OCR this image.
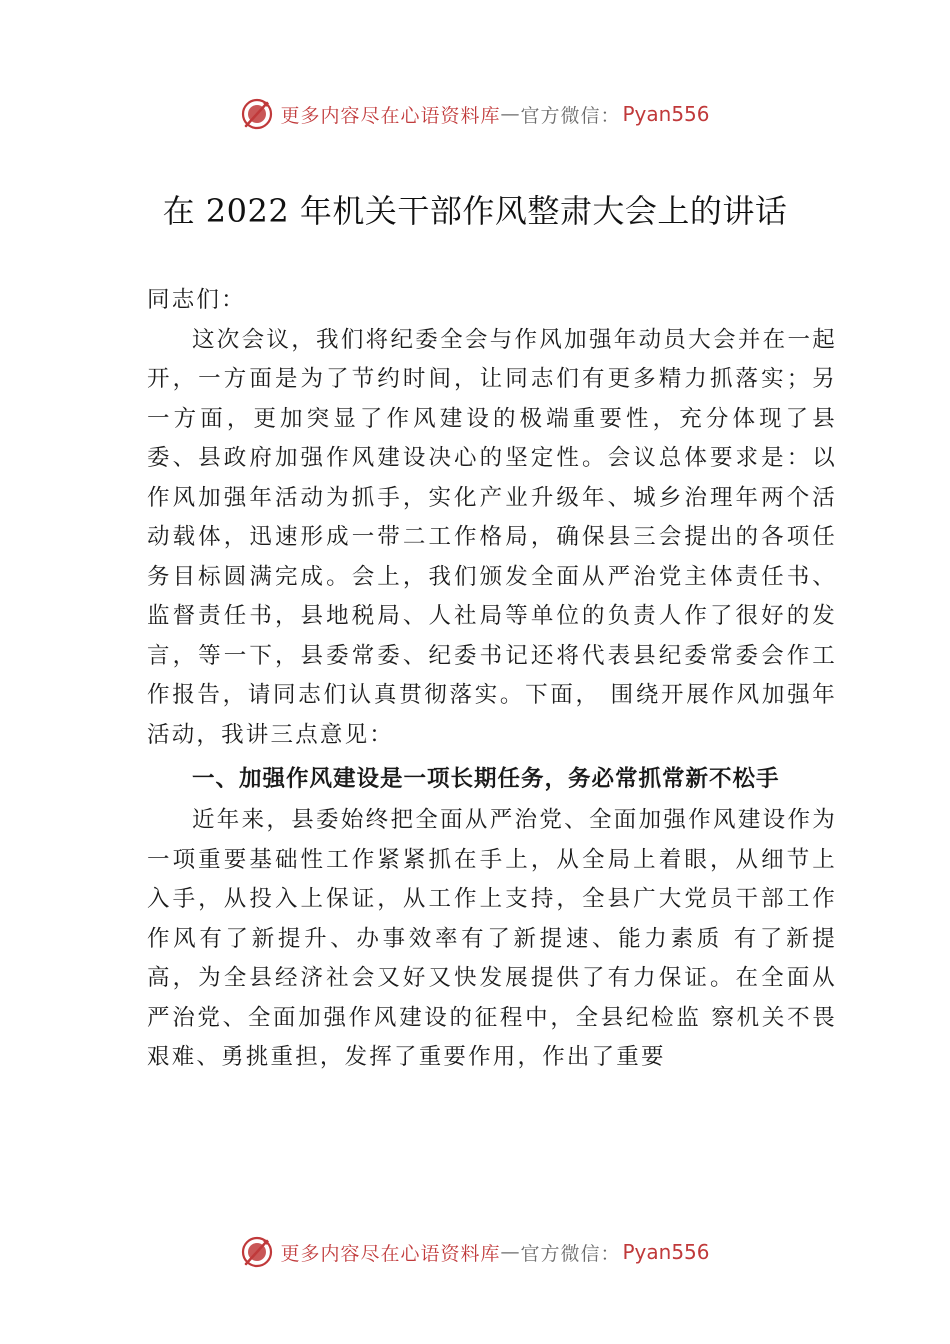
更多内容尽在心语资料库 — 官方微信： Pyan556
在 2022 年机关干部作风整肃大会上的讲话

同志们：

这次会议，我们将纪委全会与作风加强年动员大会并在一起开，一方面是为了节约时间，让同志们有更多精力抓落实；另一方面，更加突显了作风建设的极端重要性，充分体现了县委、县政府加强作风建设决心的坚定性。会议总体要求是：以作风加强年活动为抓手，实化产业升级年、城乡治理年两个活动载体，迅速形成一带二工作格局，确保县三会提出的各项任务目标圆满完成。会上，我们颁发全面从严治党主体责任书、监督责任书，县地税局、人社局等单位的负责人作了很好的发言，等一下，县委常委、纪委书记还将代表县纪委常委会作工作报告，请同志们认真贯彻落实。下面， 围绕开展作风加强年活动，我讲三点意见：

一、加强作风建设是一项长期任务，务必常抓常新不松手

近年来，县委始终把全面从严治党、全面加强作风建设作为一项重要基础性工作紧紧抓在手上，从全局上着眼，从细节上入手，从投入上保证，从工作上支持，全县广大党员干部工作作风有了新提升、办事效率有了新提速、能力素质 有了新提高，为全县经济社会又好又快发展提供了有力保证。在全面从严治党、全面加强作风建设的征程中，全县纪检监 察机关不畏艰难、勇挑重担，发挥了重要作用，作出了重要

更多内容尽在心语资料库 — 官方微信： Pyan556
